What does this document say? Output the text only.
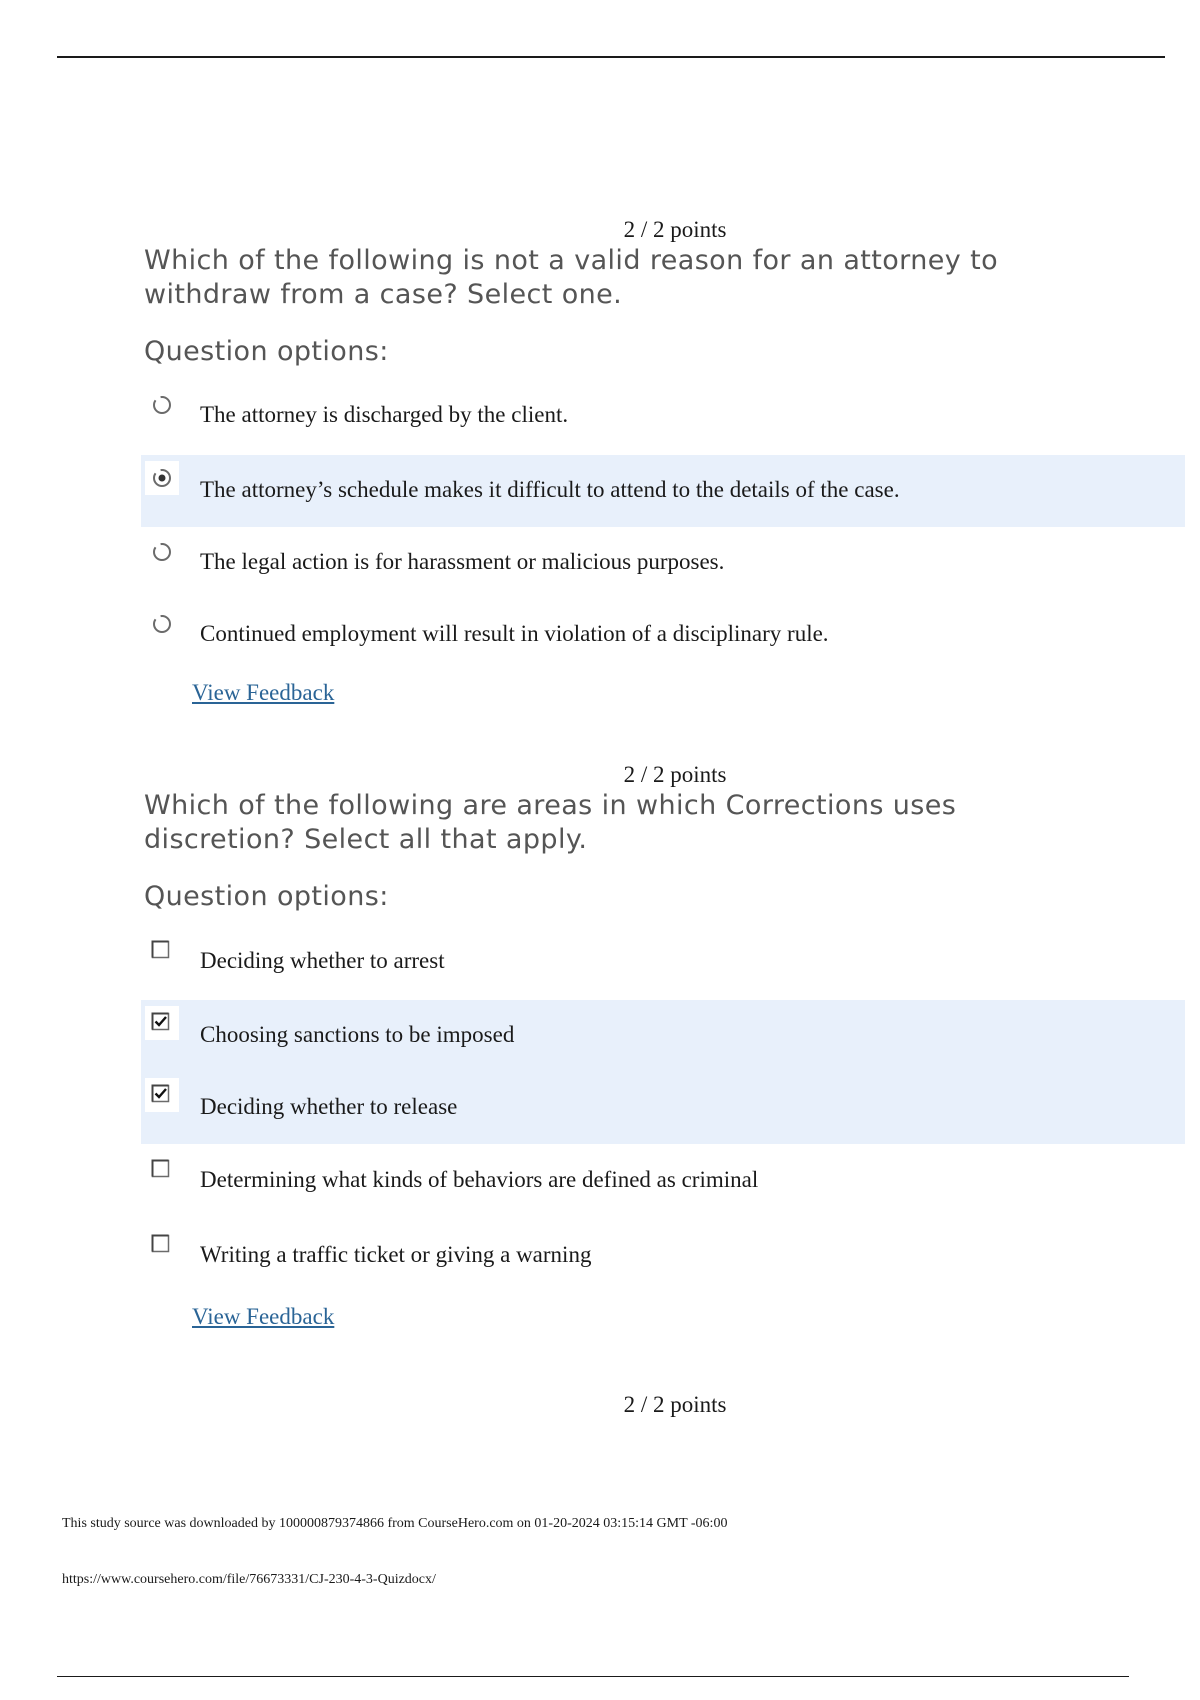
2 / 2 points
Which of the following is not a valid reason for an attorney to withdraw from a case? Select one.
Question options:
The attorney is discharged by the client.
The attorney’s schedule makes it difficult to attend to the details of the case.
The legal action is for harassment or malicious purposes.
Continued employment will result in violation of a disciplinary rule.
View Feedback
2 / 2 points
Which of the following are areas in which Corrections uses discretion? Select all that apply.
Question options:
Deciding whether to arrest
Choosing sanctions to be imposed
Deciding whether to release
Determining what kinds of behaviors are defined as criminal
Writing a traffic ticket or giving a warning
View Feedback
2 / 2 points
This study source was downloaded by 100000879374866 from CourseHero.com on 01-20-2024 03:15:14 GMT -06:00
https://www.coursehero.com/file/76673331/CJ-230-4-3-Quizdocx/
